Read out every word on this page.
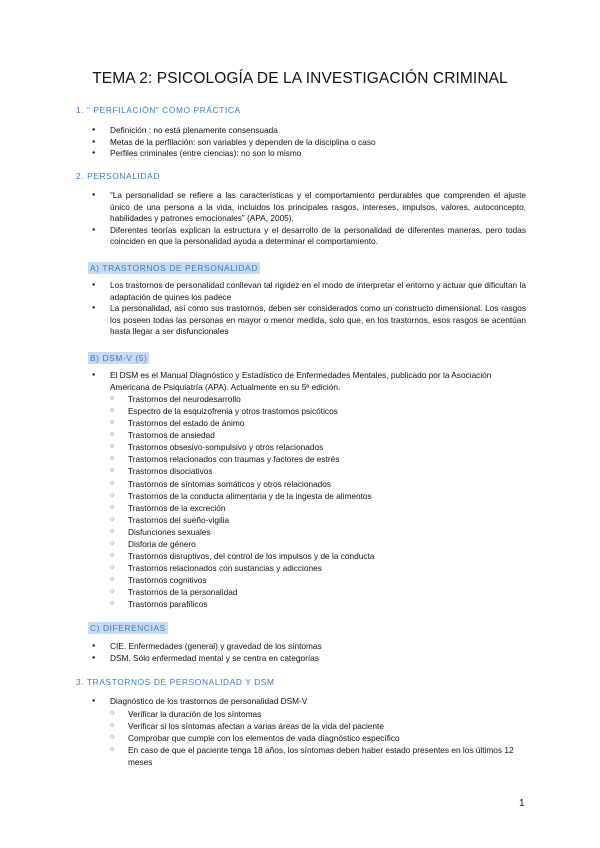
TEMA 2: PSICOLOGÍA DE LA INVESTIGACIÓN CRIMINAL
1. “ PERFILACIÓN” COMO PRÁCTICA
● Definición : no está plenamente consensuada
● Metas de la perfilación: son variables y dependen de la disciplina o caso
● Perfiles criminales (entre ciencias): no son lo mismo
2. PERSONALIDAD
● “La personalidad se refiere a las características y el comportamiento perdurables que comprenden el ajuste único de una persona a la vida, incluidos los principales rasgos, intereses, impulsos, valores, autoconcepto, habilidades y patrones emocionales” (APA, 2005).
● Diferentes teorías explican la estructura y el desarrollo de la personalidad de diferentes maneras, pero todas coinciden en que la personalidad ayuda a determinar el comportamiento.
A) TRASTORNOS DE PERSONALIDAD
● Los trastornos de personalidad conllevan tal rigidez en el modo de interpretar el entorno y actuar que dificultan la adaptación de quines los padece
● La personalidad, así como sus trastornos, deben ser considerados como un constructo dimensional. Los rasgos los poseen todas las personas en mayor o menor medida, solo que, en los trastornos, esos rasgos se acentúan hasta llegar a ser disfuncionales
B) DSM-V (5)
● El DSM es el Manual Diagnóstico y Estadístico de Enfermedades Mentales, publicado por la Asociación Americana de Psiquiatría (APA). Actualmente en su 5ª edición.
○ Trastornos del neurodesarrollo
○ Espectro de la esquizofrenia y otros trastornos psicóticos
○ Trastornos del estado de ánimo
○ Trastornos de ansiedad
○ Trastornos obsesivo-sompulsivo y otros relacionados
○ Trastornos relacionados con traumas y factores de estrés
○ Trastornos disociativos
○ Trastornos de síntomas somáticos y otros relacionados
○ Trastornos de la conducta alimentaria y de la ingesta de alimentos
○ Trastornos de la excreción
○ Trastornos del sueño-vigilia
○ Disfunciones sexuales
○ Disforia de género
○ Trastornos disruptivos, del control de los impulsos y de la conducta
○ Trastornos relacionados con sustancias y adicciones
○ Trastornos cognitivos
○ Trastornos de la personalidad
○ Trastornos parafílicos
C) DIFERENCIAS
● CIE. Enfermedades (general) y gravedad de los síntomas
● DSM. Sólo enfermedad mental y se centra en categorías
3. TRASTORNOS DE PERSONALIDAD Y DSM
● Diagnóstico de los trastornos de personalidad DSM-V
○ Verificar la duración de los síntomas
○ Verificar si los síntomas afectan a varias áreas de la vida del paciente
○ Comprobar que cumple con los elementos de vada diagnóstico específico
○ En caso de que el paciente tenga 18 años, los síntomas deben haber estado presentes en los últimos 12 meses
1
